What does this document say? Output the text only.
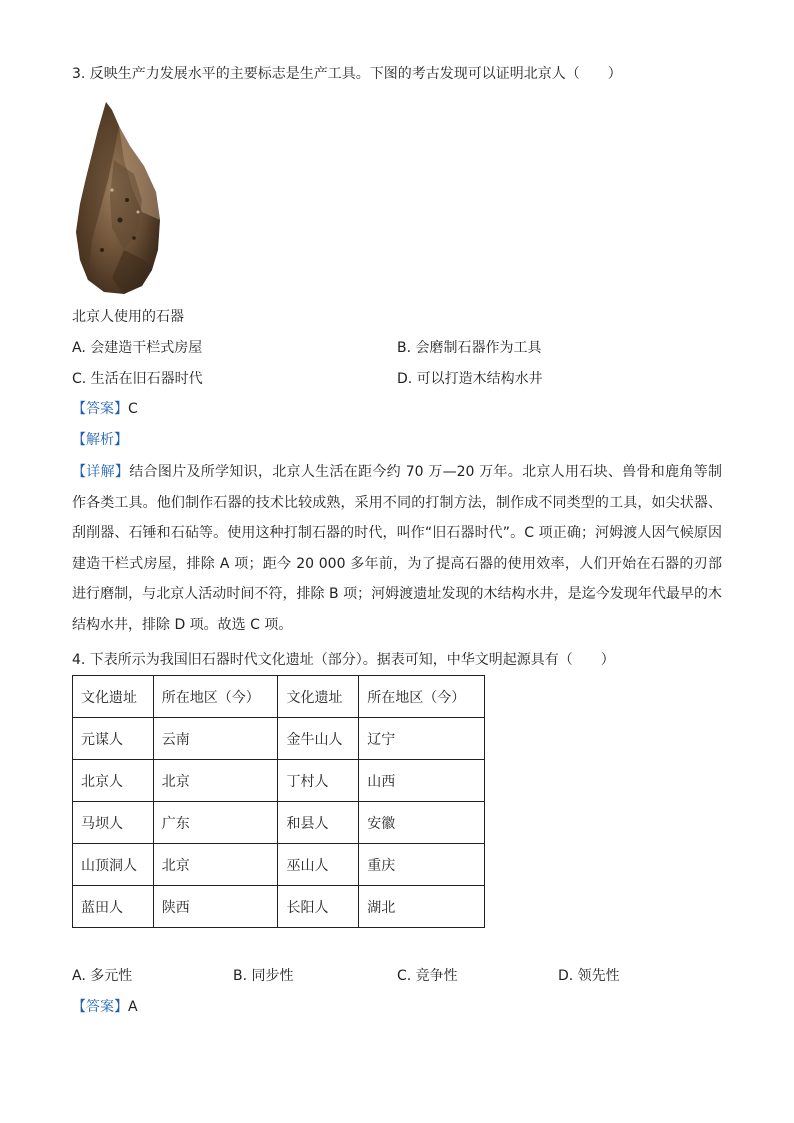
3. 反映生产力发展水平的主要标志是生产工具。下图的考古发现可以证明北京人（　　）
北京人使用的石器
A. 会建造干栏式房屋	B. 会磨制石器作为工具
C. 生活在旧石器时代	D. 可以打造木结构水井
【答案】C
【解析】
【详解】结合图片及所学知识，北京人生活在距今约 70 万—20 万年。北京人用石块、兽骨和鹿角等制作各类工具。他们制作石器的技术比较成熟，采用不同的打制方法，制作成不同类型的工具，如尖状器、刮削器、石锤和石砧等。使用这种打制石器的时代，叫作“旧石器时代”。C 项正确；河姆渡人因气候原因建造干栏式房屋，排除 A 项；距今 20 000 多年前，为了提高石器的使用效率，人们开始在石器的刃部进行磨制，与北京人活动时间不符，排除 B 项；河姆渡遗址发现的木结构水井，是迄今发现年代最早的木结构水井，排除 D 项。故选 C 项。
4. 下表所示为我国旧石器时代文化遗址（部分）。据表可知，中华文明起源具有（　　）
文化遗址	所在地区（今）	文化遗址	所在地区（今）
元谋人	云南	金牛山人	辽宁
北京人	北京	丁村人	山西
马坝人	广东	和县人	安徽
山顶洞人	北京	巫山人	重庆
蓝田人	陕西	长阳人	湖北
A. 多元性	B. 同步性	C. 竞争性	D. 领先性
【答案】A
